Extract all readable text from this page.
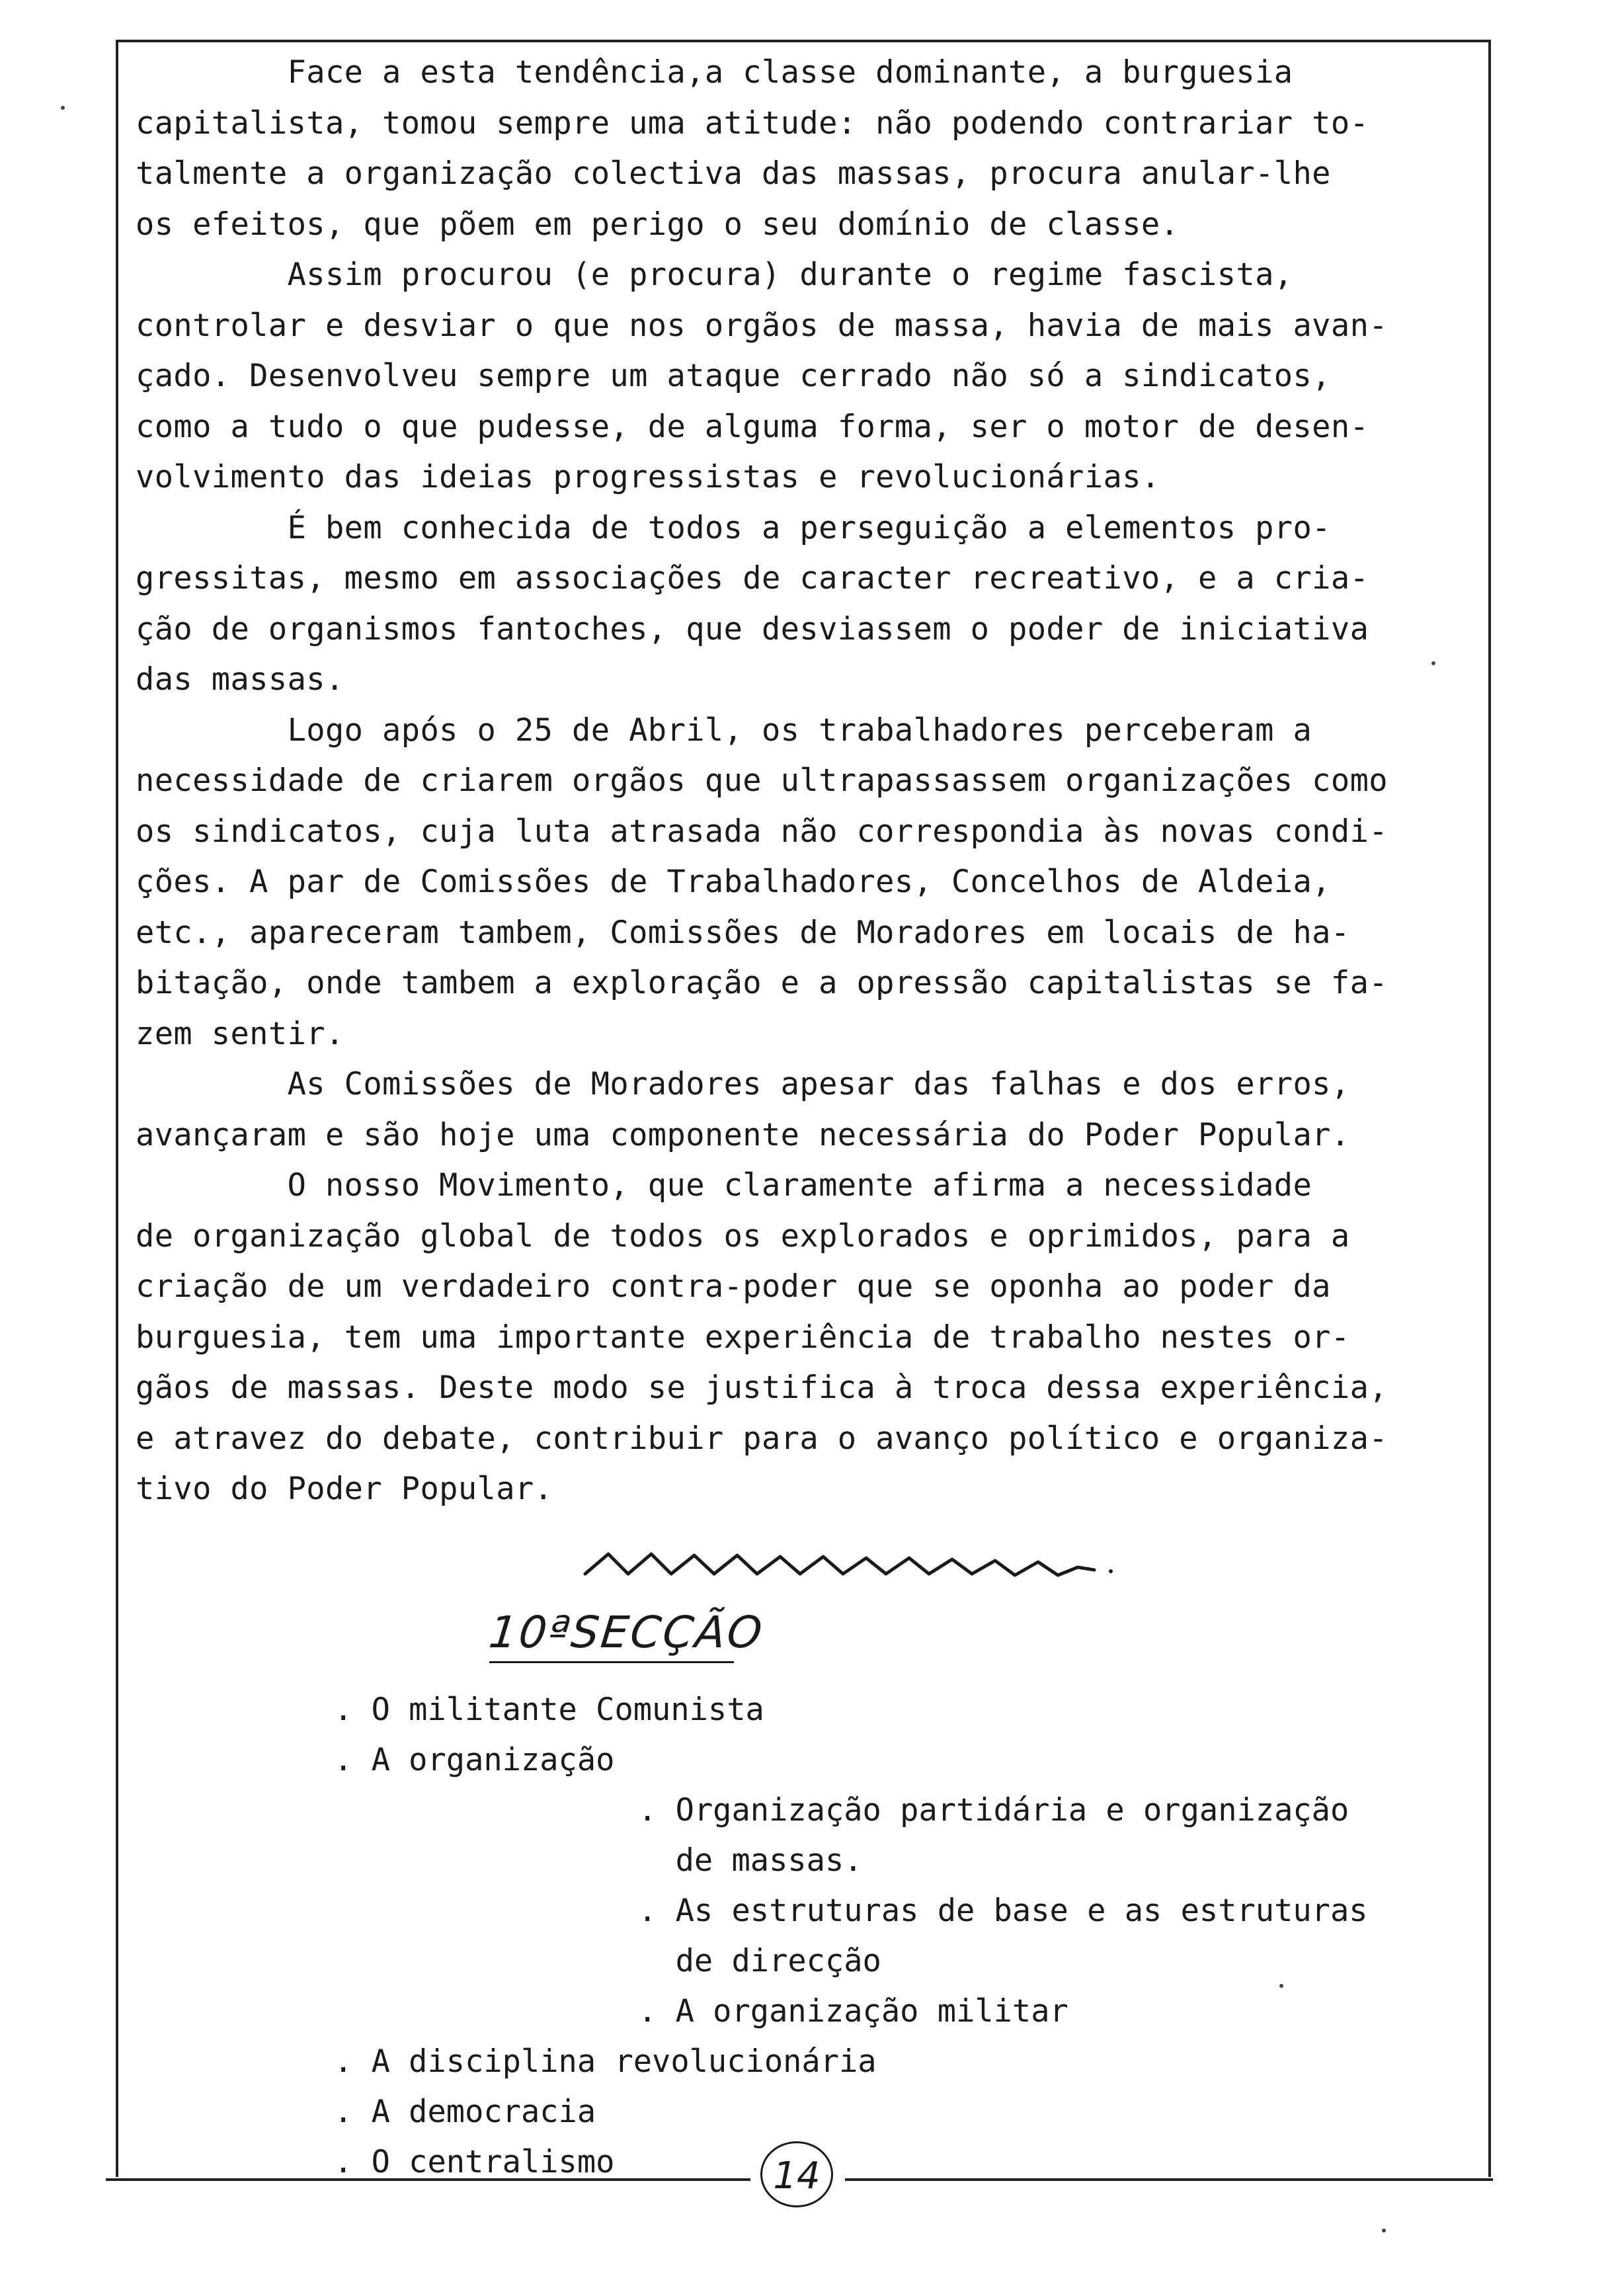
Face a esta tendência,a classe dominante, a burguesia
capitalista, tomou sempre uma atitude: não podendo contrariar to-
talmente a organização colectiva das massas, procura anular-lhe
os efeitos, que põem em perigo o seu domínio de classe.
Assim procurou (e procura) durante o regime fascista,
controlar e desviar o que nos orgãos de massa, havia de mais avan-
çado. Desenvolveu sempre um ataque cerrado não só a sindicatos,
como a tudo o que pudesse, de alguma forma, ser o motor de desen-
volvimento das ideias progressistas e revolucionárias.
É bem conhecida de todos a perseguição a elementos pro-
gressitas, mesmo em associações de caracter recreativo, e a cria-
ção de organismos fantoches, que desviassem o poder de iniciativa
das massas.
Logo após o 25 de Abril, os trabalhadores perceberam a
necessidade de criarem orgãos que ultrapassassem organizações como
os sindicatos, cuja luta atrasada não correspondia às novas condi-
ções. A par de Comissões de Trabalhadores, Concelhos de Aldeia,
etc., apareceram tambem, Comissões de Moradores em locais de ha-
bitação, onde tambem a exploração e a opressão capitalistas se fa-
zem sentir.
As Comissões de Moradores apesar das falhas e dos erros,
avançaram e são hoje uma componente necessária do Poder Popular.
O nosso Movimento, que claramente afirma a necessidade
de organização global de todos os explorados e oprimidos, para a
criação de um verdadeiro contra-poder que se oponha ao poder da
burguesia, tem uma importante experiência de trabalho nestes or-
gãos de massas. Deste modo se justifica à troca dessa experiência,
e atravez do debate, contribuir para o avanço político e organiza-
tivo do Poder Popular.
10ªSECÇÃO
. O militante Comunista
. A organização
. Organização partidária e organização
de massas.
. As estruturas de base e as estruturas
de direcção
. A organização militar
. A disciplina revolucionária
. A democracia
. O centralismo	14
